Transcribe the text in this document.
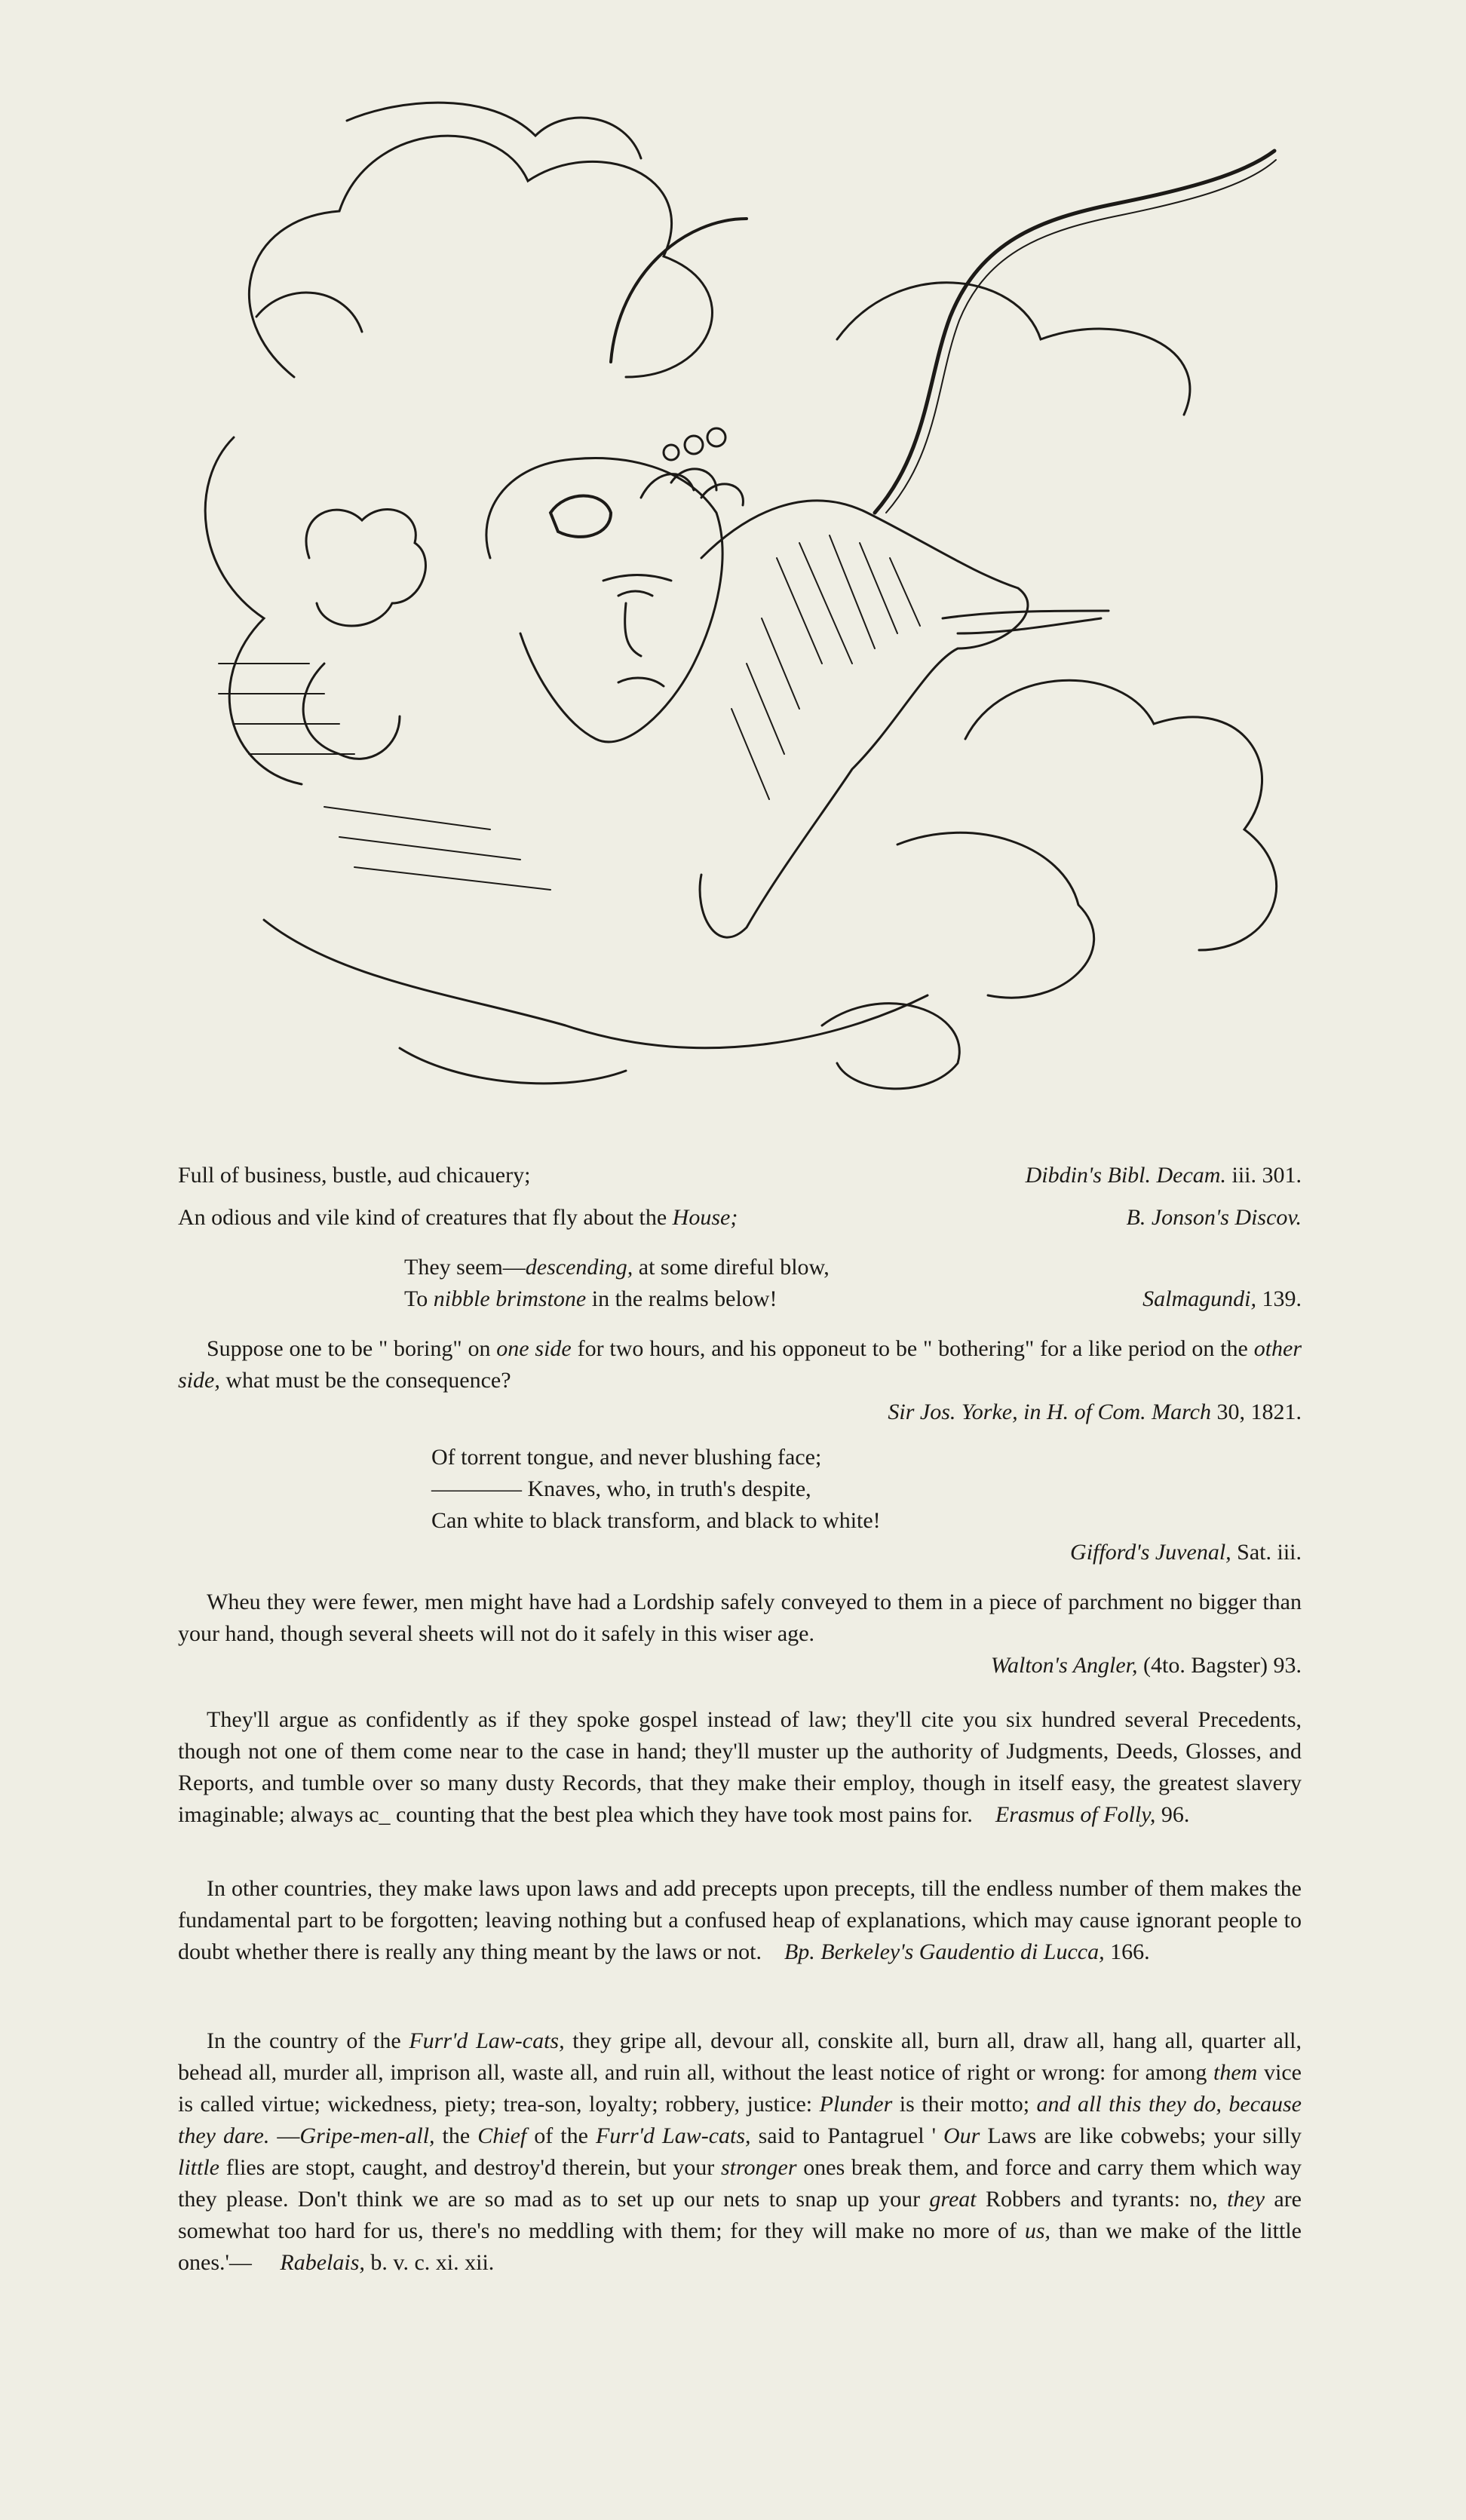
Full of business, bustle, aud chicauery;	Dibdin's Bibl. Decam. iii. 301.
An odious and vile kind of creatures that fly about the House;	B. Jonson's Discov.
They seem—descending, at some direful blow,
To nibble brimstone in the realms below!	Salmagundi, 139.
Suppose one to be " boring" on one side for two hours, and his opponeut to be " bothering" for a like period on the other side, what must be the consequence?
Sir Jos. Yorke, in H. of Com. March 30, 1821.
Of torrent tongue, and never blushing face;
———— Knaves, who, in truth's despite,
Can white to black transform, and black to white!
Gifford's Juvenal, Sat. iii.
Wheu they were fewer, men might have had a Lordship safely conveyed to them in a piece of parchment no bigger than your hand, though several sheets will not do it safely in this wiser age.
Walton's Angler, (4to. Bagster) 93.
They'll argue as confidently as if they spoke gospel instead of law; they'll cite you six hundred several Precedents, though not one of them come near to the case in hand; they'll muster up the authority of Judgments, Deeds, Glosses, and Reports, and tumble over so many dusty Records, that they make their employ, though in itself easy, the greatest slavery imaginable; always ac_ counting that the best plea which they have took most pains for. Erasmus of Folly, 96.
In other countries, they make laws upon laws and add precepts upon precepts, till the endless number of them makes the fundamental part to be forgotten; leaving nothing but a confused heap of explanations, which may cause ignorant people to doubt whether there is really any thing meant by the laws or not. Bp. Berkeley's Gaudentio di Lucca, 166.
In the country of the Furr'd Law-cats, they gripe all, devour all, conskite all, burn all, draw all, hang all, quarter all, behead all, murder all, imprison all, waste all, and ruin all, without the least notice of right or wrong: for among them vice is called virtue; wickedness, piety; trea-son, loyalty; robbery, justice: Plunder is their motto; and all this they do, because they dare. —Gripe-men-all, the Chief of the Furr'd Law-cats, said to Pantagruel ' Our Laws are like cobwebs; your silly little flies are stopt, caught, and destroy'd therein, but your stronger ones break them, and force and carry them which way they please. Don't think we are so mad as to set up our nets to snap up your great Robbers and tyrants: no, they are somewhat too hard for us, there's no meddling with them; for they will make no more of us, than we make of the little ones.'— Rabelais, b. v. c. xi. xii.
